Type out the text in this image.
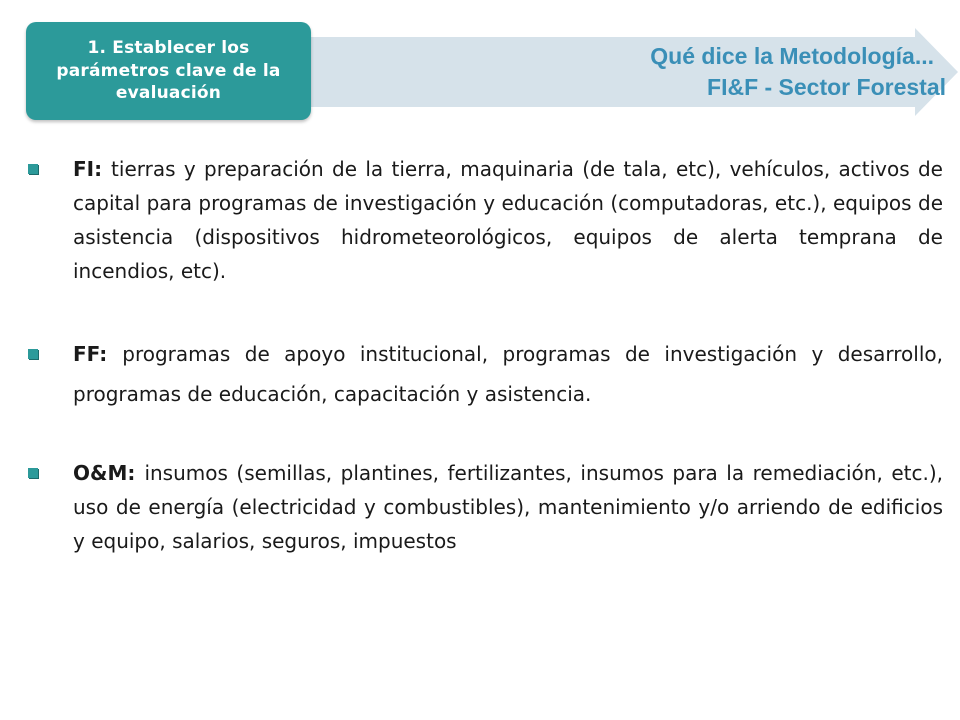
1. Establecer los parámetros clave de la evaluación
Qué dice la Metodología...
FI&F - Sector Forestal
FI: tierras y preparación de la tierra, maquinaria (de tala, etc), vehículos, activos de capital para programas de investigación y educación (computadoras, etc.), equipos de asistencia (dispositivos hidrometeorológicos, equipos de alerta temprana de incendios, etc).
FF: programas de apoyo institucional, programas de investigación y desarrollo, programas de educación, capacitación y asistencia.
O&M: insumos (semillas, plantines, fertilizantes, insumos para la remediación, etc.), uso de energía (electricidad y combustibles), mantenimiento y/o arriendo de edificios y equipo, salarios, seguros, impuestos
